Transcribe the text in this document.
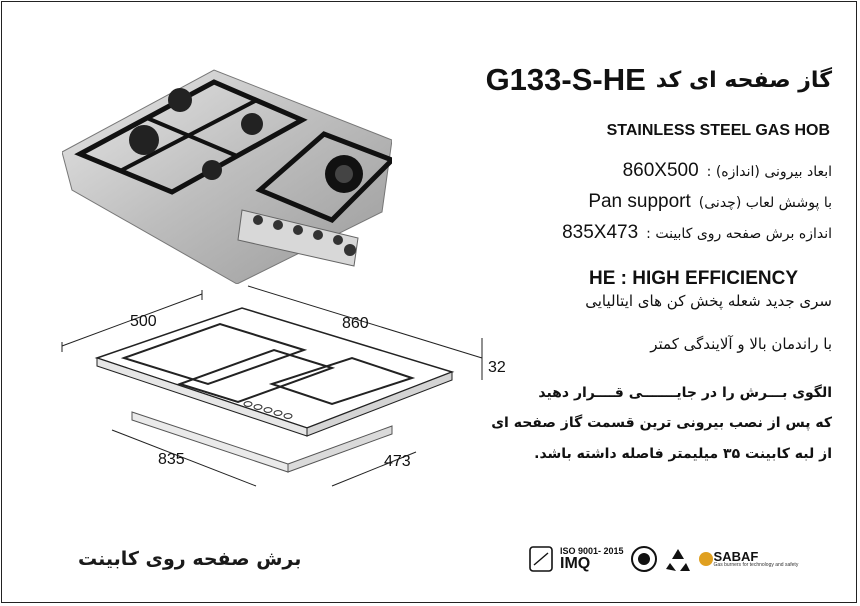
G133-S-HE گاز صفحه ای کد
STAINLESS STEEL GAS HOB
860X500 : ابعاد بیرونی (اندازه)
Pan support (چدنی) با پوشش لعاب
835X473 : اندازه برش صفحه روی کابینت
HE : HIGH EFFICIENCY
سری جدید شعله پخش کن های ایتالیایی
با راندمان بالا و آلایندگی کمتر
الگوی بـــرش را در جایـــــــی قــــرار دهید
که پس از نصب بیرونی ترین قسمت گاز صفحه ای
از لبه کابینت ۳۵ میلیمتر فاصله داشته باشد.
500	860
32
835	473
برش صفحه روی کابینت	ISO 9001- 2015
IMQ	SABAF
Gas burners for technology and safety
